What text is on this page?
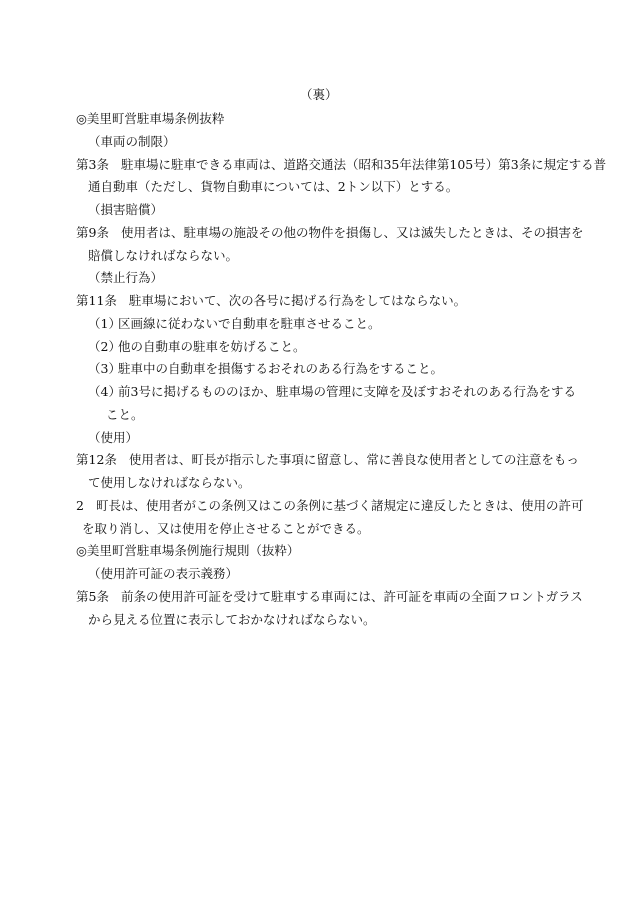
（裏）
◎美里町営駐車場条例抜粋
（車両の制限）
第3条 駐車場に駐車できる車両は、道路交通法（昭和35年法律第105号）第3条に規定する普
通自動車（ただし、貨物自動車については、2トン以下）とする。
（損害賠償）
第9条 使用者は、駐車場の施設その他の物件を損傷し、又は滅失したときは、その損害を
賠償しなければならない。
（禁止行為）
第11条 駐車場において、次の各号に掲げる行為をしてはならない。
（1）区画線に従わないで自動車を駐車させること。
（2）他の自動車の駐車を妨げること。
（3）駐車中の自動車を損傷するおそれのある行為をすること。
（4）前3号に掲げるもののほか、駐車場の管理に支障を及ぼすおそれのある行為をする
こと。
（使用）
第12条 使用者は、町長が指示した事項に留意し、常に善良な使用者としての注意をもっ
て使用しなければならない。
2 町長は、使用者がこの条例又はこの条例に基づく諸規定に違反したときは、使用の許可
を取り消し、又は使用を停止させることができる。
◎美里町営駐車場条例施行規則（抜粋）
（使用許可証の表示義務）
第5条 前条の使用許可証を受けて駐車する車両には、許可証を車両の全面フロントガラス
から見える位置に表示しておかなければならない。
